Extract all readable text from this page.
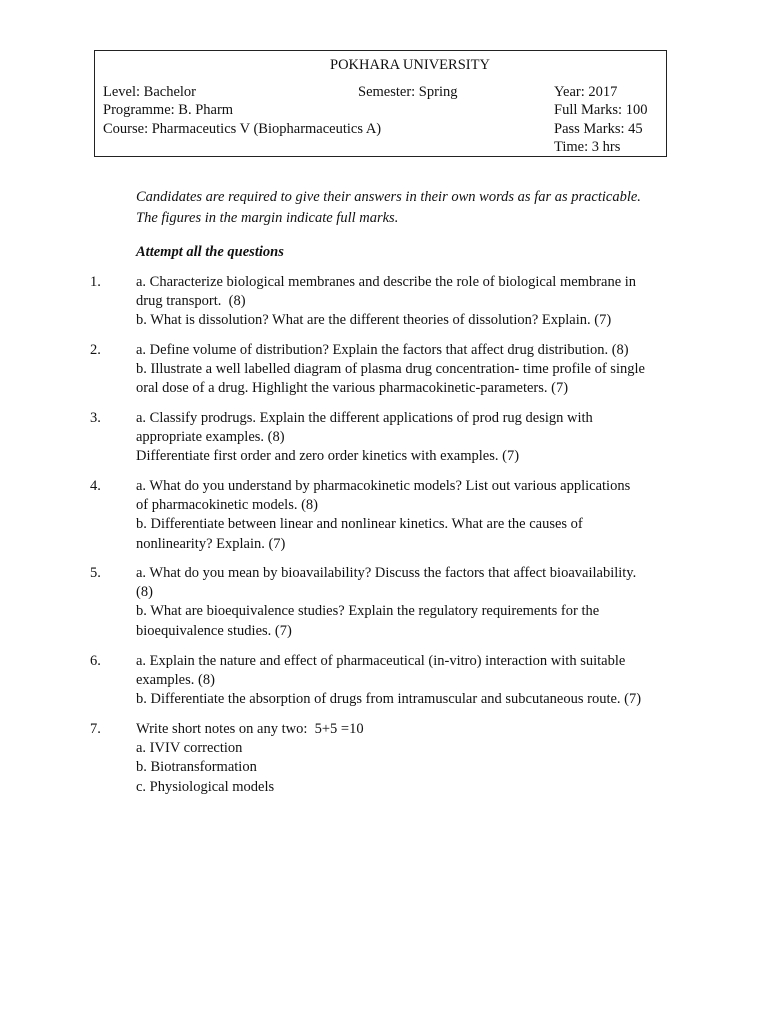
POKHARA UNIVERSITY
Level: Bachelor	Semester: Spring	Year: 2017
Programme: B. Pharm	Full Marks: 100
Course: Pharmaceutics V (Biopharmaceutics A)	Pass Marks: 45
Time: 3 hrs
Candidates are required to give their answers in their own words as far as practicable.
The figures in the margin indicate full marks.
Attempt all the questions
1. a. Characterize biological membranes and describe the role of biological membrane in
drug transport.  (8)
b. What is dissolution? What are the different theories of dissolution? Explain. (7)
2. a. Define volume of distribution? Explain the factors that affect drug distribution. (8)
b. Illustrate a well labelled diagram of plasma drug concentration- time profile of single
oral dose of a drug. Highlight the various pharmacokinetic-parameters. (7)
3. a. Classify prodrugs. Explain the different applications of prod rug design with
appropriate examples. (8)
Differentiate first order and zero order kinetics with examples. (7)
4. a. What do you understand by pharmacokinetic models? List out various applications
of pharmacokinetic models. (8)
b. Differentiate between linear and nonlinear kinetics. What are the causes of
nonlinearity? Explain. (7)
5. a. What do you mean by bioavailability? Discuss the factors that affect bioavailability.
(8)
b. What are bioequivalence studies? Explain the regulatory requirements for the
bioequivalence studies. (7)
6. a. Explain the nature and effect of pharmaceutical (in-vitro) interaction with suitable
examples. (8)
b. Differentiate the absorption of drugs from intramuscular and subcutaneous route. (7)
7. Write short notes on any two:  5+5 =10
a. IVIV correction
b. Biotransformation
c. Physiological models
